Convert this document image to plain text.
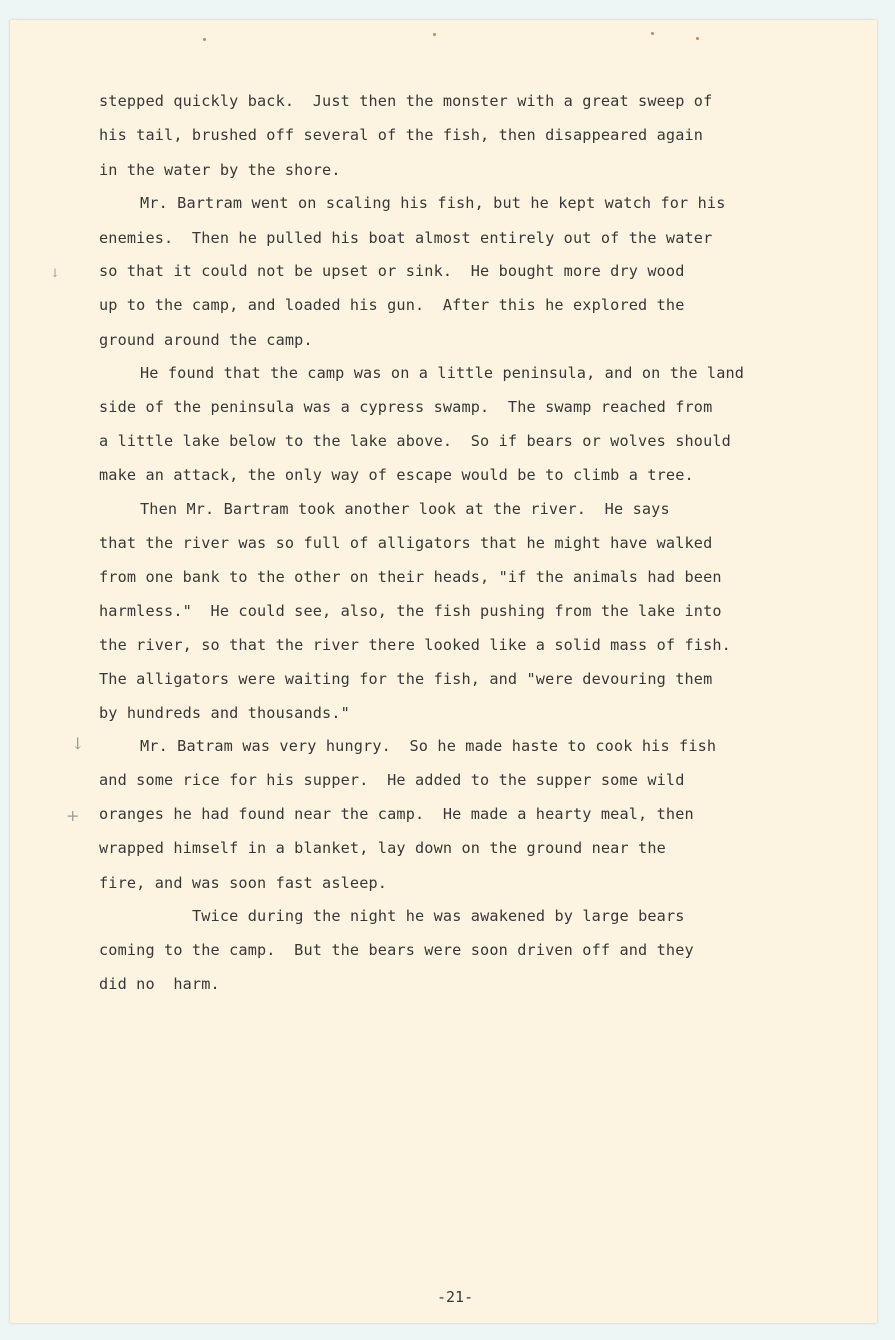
stepped quickly back.  Just then the monster with a great sweep of
his tail, brushed off several of the fish, then disappeared again
in the water by the shore.
Mr. Bartram went on scaling his fish, but he kept watch for his
enemies.  Then he pulled his boat almost entirely out of the water
so that it could not be upset or sink.  He bought more dry wood
up to the camp, and loaded his gun.  After this he explored the
ground around the camp.
He found that the camp was on a little peninsula, and on the land
side of the peninsula was a cypress swamp.  The swamp reached from
a little lake below to the lake above.  So if bears or wolves should
make an attack, the only way of escape would be to climb a tree.
Then Mr. Bartram took another look at the river.  He says
that the river was so full of alligators that he might have walked
from one bank to the other on their heads, "if the animals had been
harmless."  He could see, also, the fish pushing from the lake into
the river, so that the river there looked like a solid mass of fish.
The alligators were waiting for the fish, and "were devouring them
by hundreds and thousands."
Mr. Batram was very hungry.  So he made haste to cook his fish
and some rice for his supper.  He added to the supper some wild
oranges he had found near the camp.  He made a hearty meal, then
wrapped himself in a blanket, lay down on the ground near the
fire, and was soon fast asleep.
Twice during the night he was awakened by large bears
coming to the camp.  But the bears were soon driven off and they
did no  harm.
-21-
↓
↓
+
